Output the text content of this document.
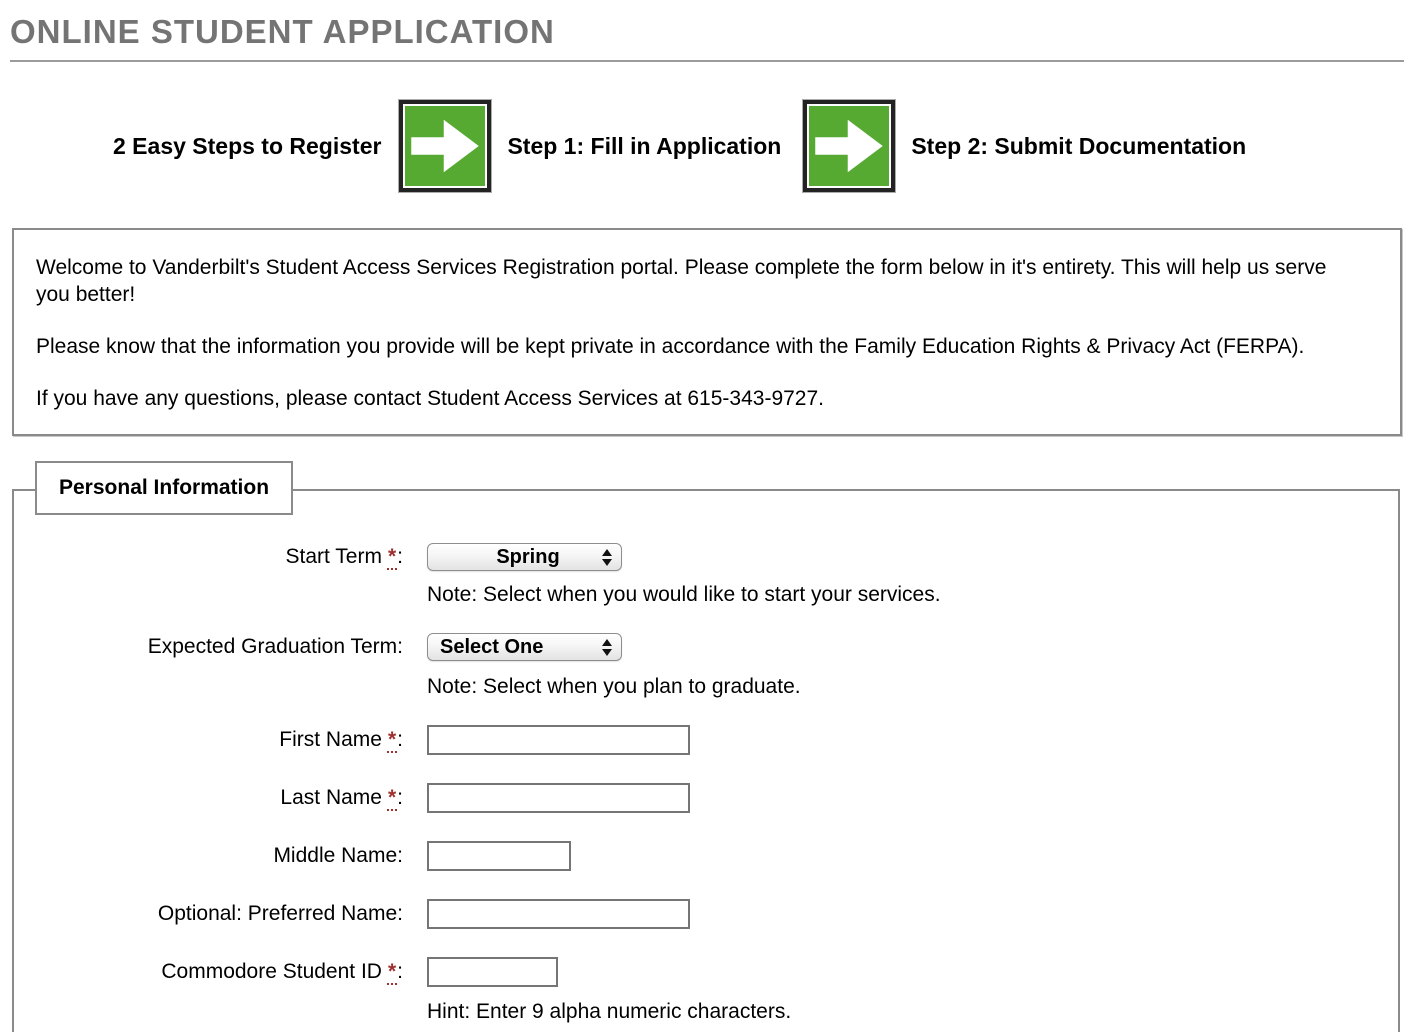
ONLINE STUDENT APPLICATION
2 Easy Steps to Register	Step 1: Fill in Application	Step 2: Submit Documentation

Welcome to Vanderbilt's Student Access Services Registration portal. Please complete the form below in it's entirety. This will help us serve
you better!

Please know that the information you provide will be kept private in accordance with the Family Education Rights & Privacy Act (FERPA).

If you have any questions, please contact Student Access Services at 615-343-9727.

Personal Information
Start Term *:	Spring
Note: Select when you would like to start your services.
Expected Graduation Term:	Select One
Note: Select when you plan to graduate.
First Name *:
Last Name *:
Middle Name:
Optional: Preferred Name:
Commodore Student ID *:
Hint: Enter 9 alpha numeric characters.
